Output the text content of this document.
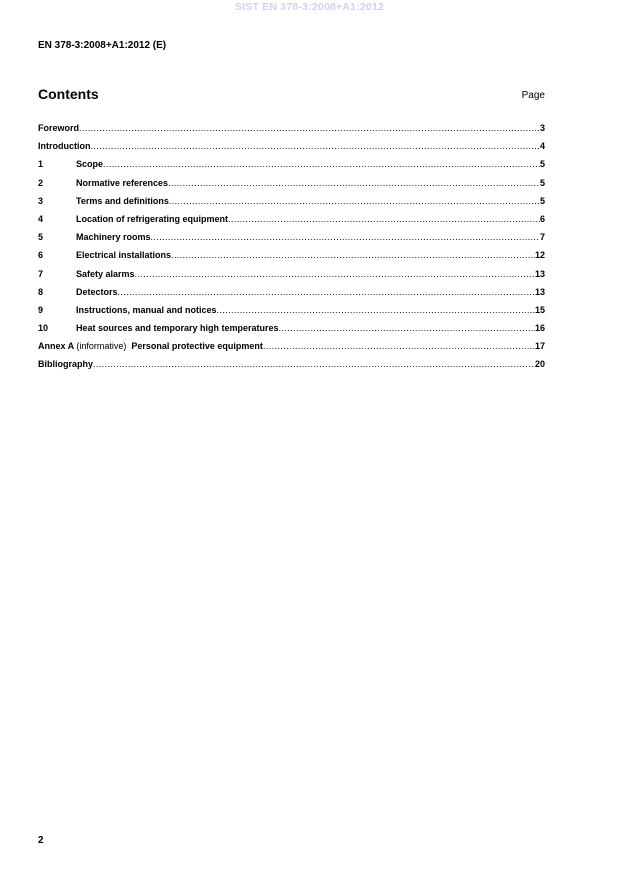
SIST EN 378-3:2008+A1:2012
EN 378-3:2008+A1:2012 (E)
Contents	Page
Foreword .....	3
Introduction .....	4
1	Scope .....	5
2	Normative references .....	5
3	Terms and definitions .....	5
4	Location of refrigerating equipment .....	6
5	Machinery rooms .....	7
6	Electrical installations .....	12
7	Safety alarms .....	13
8	Detectors .....	13
9	Instructions, manual and notices .....	15
10	Heat sources and temporary high temperatures .....	16
Annex A (informative) Personal protective equipment .....	17
Bibliography .....	20
2
